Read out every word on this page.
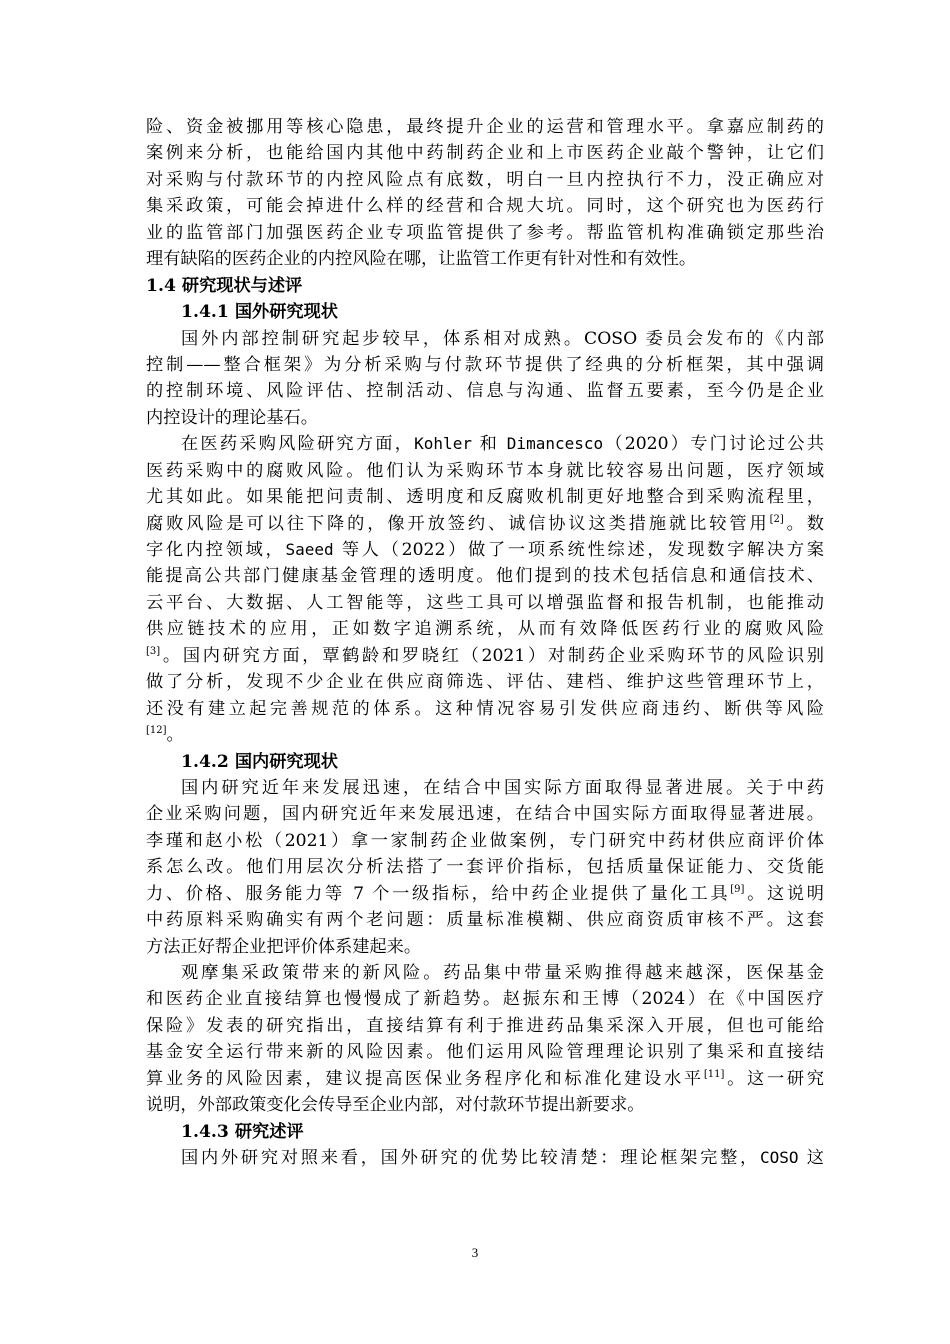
险、资金被挪用等核心隐患，最终提升企业的运营和管理水平。拿嘉应制药的
案例来分析，也能给国内其他中药制药企业和上市医药企业敲个警钟，让它们
对采购与付款环节的内控风险点有底数，明白一旦内控执行不力，没正确应对
集采政策，可能会掉进什么样的经营和合规大坑。同时，这个研究也为医药行
业的监管部门加强医药企业专项监管提供了参考。帮监管机构准确锁定那些治
理有缺陷的医药企业的内控风险在哪，让监管工作更有针对性和有效性。
1.4 研究现状与述评
1.4.1 国外研究现状
国外内部控制研究起步较早，体系相对成熟。COSO 委员会发布的《内部
控制——整合框架》为分析采购与付款环节提供了经典的分析框架，其中强调
的控制环境、风险评估、控制活动、信息与沟通、监督五要素，至今仍是企业
内控设计的理论基石。
在医药采购风险研究方面，Kohler 和 Dimancesco（2020）专门讨论过公共
医药采购中的腐败风险。他们认为采购环节本身就比较容易出问题，医疗领域
尤其如此。如果能把问责制、透明度和反腐败机制更好地整合到采购流程里，
腐败风险是可以往下降的，像开放签约、诚信协议这类措施就比较管用[2]。数
字化内控领域，Saeed 等人（2022）做了一项系统性综述，发现数字解决方案
能提高公共部门健康基金管理的透明度。他们提到的技术包括信息和通信技术、
云平台、大数据、人工智能等，这些工具可以增强监督和报告机制，也能推动
供应链技术的应用，正如数字追溯系统，从而有效降低医药行业的腐败风险
[3]。国内研究方面，覃鹤龄和罗晓红（2021）对制药企业采购环节的风险识别
做了分析，发现不少企业在供应商筛选、评估、建档、维护这些管理环节上，
还没有建立起完善规范的体系。这种情况容易引发供应商违约、断供等风险
[12]。
1.4.2 国内研究现状
国内研究近年来发展迅速，在结合中国实际方面取得显著进展。关于中药
企业采购问题，国内研究近年来发展迅速，在结合中国实际方面取得显著进展。
李瑾和赵小松（2021）拿一家制药企业做案例，专门研究中药材供应商评价体
系怎么改。他们用层次分析法搭了一套评价指标，包括质量保证能力、交货能
力、价格、服务能力等 7 个一级指标，给中药企业提供了量化工具[9]。这说明
中药原料采购确实有两个老问题：质量标准模糊、供应商资质审核不严。这套
方法正好帮企业把评价体系建起来。
观摩集采政策带来的新风险。药品集中带量采购推得越来越深，医保基金
和医药企业直接结算也慢慢成了新趋势。赵振东和王博（2024）在《中国医疗
保险》发表的研究指出，直接结算有利于推进药品集采深入开展，但也可能给
基金安全运行带来新的风险因素。他们运用风险管理理论识别了集采和直接结
算业务的风险因素，建议提高医保业务程序化和标准化建设水平[11]。这一研究
说明，外部政策变化会传导至企业内部，对付款环节提出新要求。
1.4.3 研究述评
国内外研究对照来看，国外研究的优势比较清楚：理论框架完整，COSO 这
3
